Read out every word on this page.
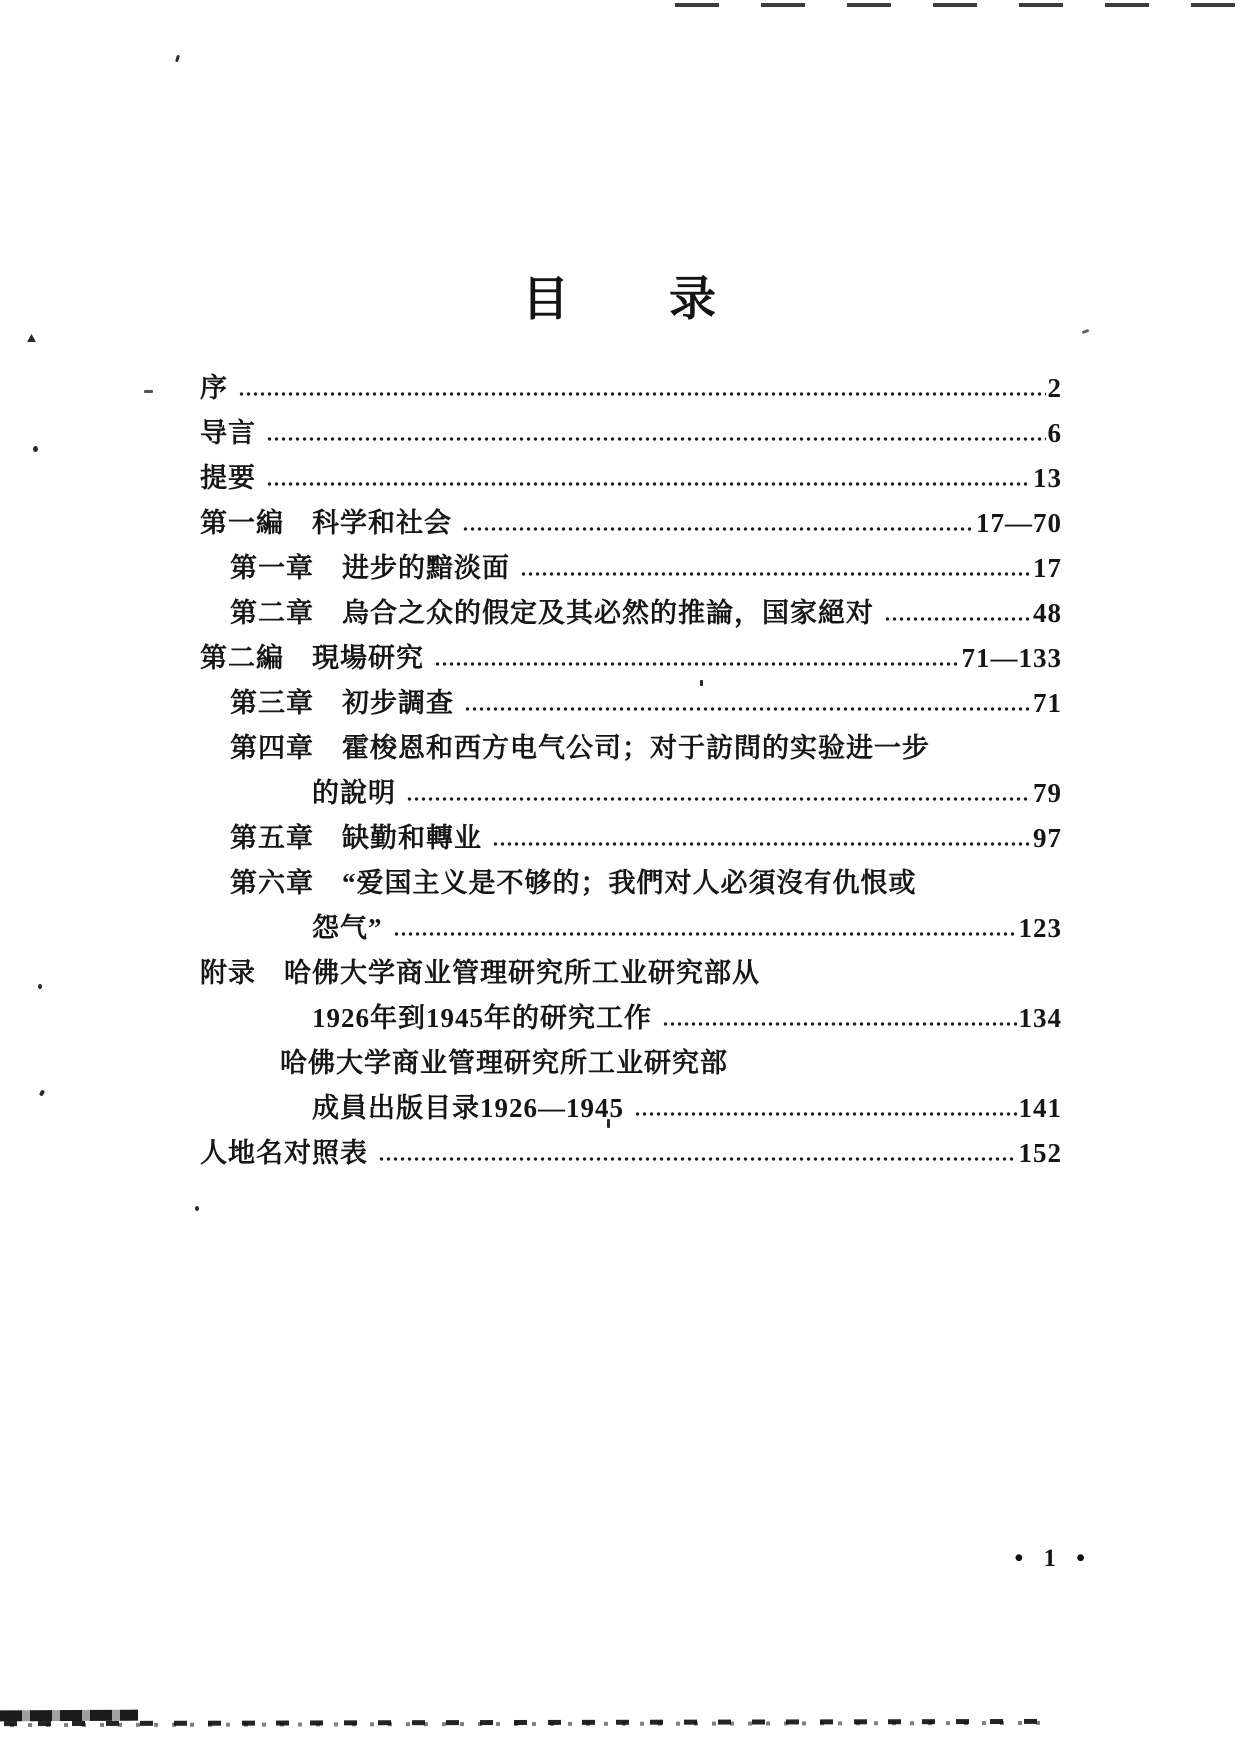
目　　录
序	2
导言	6
提要	13
第一編　科学和社会	17—70
第一章　进步的黯淡面	17
第二章　烏合之众的假定及其必然的推論，国家絕对	48
第二編　現場研究	71—133
第三章　初步調查	71
第四章　霍梭恩和西方电气公司；对于訪問的实验进一步
的說明	79
第五章　缺勤和轉业	97
第六章　“爱国主义是不够的；我們对人必須沒有仇恨或
怨气”	123
附录　哈佛大学商业管理研究所工业研究部从
1926年到1945年的研究工作	134
哈佛大学商业管理研究所工业研究部
成員出版目录1926—1945	141
人地名对照表	152
• 1 •
